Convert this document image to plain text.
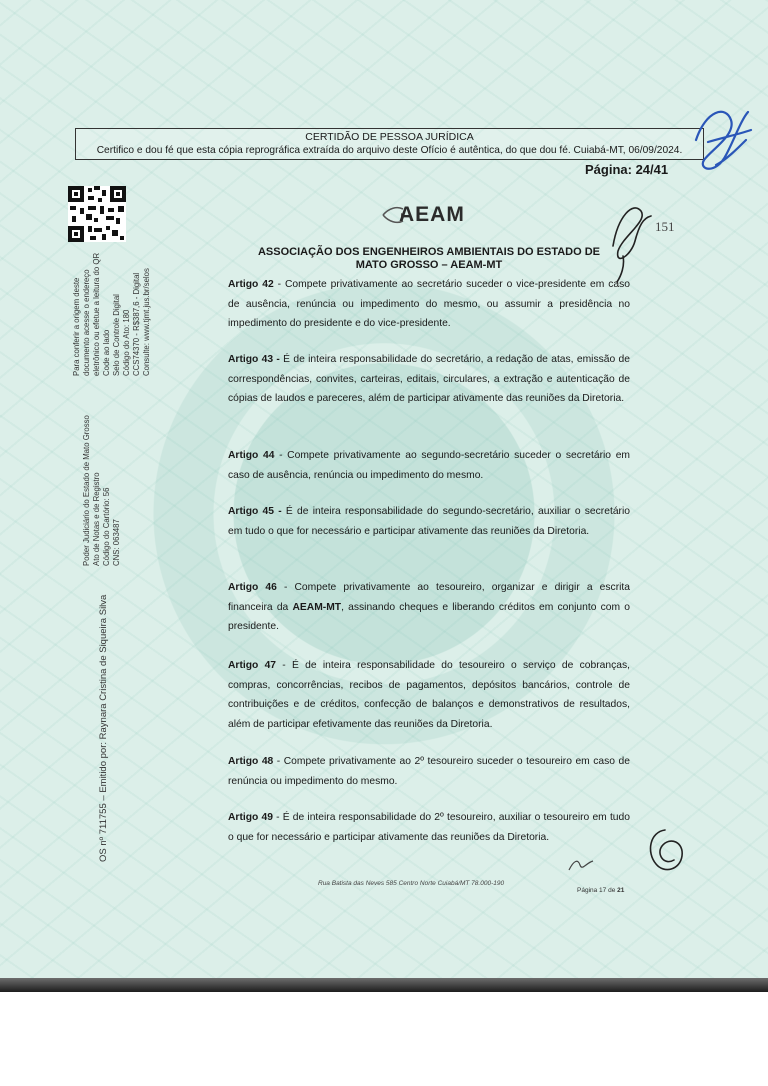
CERTIDÃO DE PESSOA JURÍDICA
Certifico e dou fé que esta cópia reprográfica extraída do arquivo deste Ofício é autêntica, do que dou fé. Cuiabá-MT, 06/09/2024.
Página: 24/41
Para conferir a origem deste documento acesse o endereço eletrônico ou efetue a leitura do QR Code ao lado Selo de Controle Digital Código do Ato: 180 CCS74370 - R$387,6 - Digital Consulte: www.tjmt.jus.br/selos
Poder Judiciário do Estado de Mato Grosso Ato de Notas e de Registro Código do Cartório: 56 CNS: 063487
OS nº 711755 – Emitido por: Raynara Cristina de Siqueira Silva
AEAM
151
ASSOCIAÇÃO DOS ENGENHEIROS AMBIENTAIS DO ESTADO DE
MATO GROSSO – AEAM-MT
Artigo 42 - Compete privativamente ao secretário suceder o vice-presidente em caso de ausência, renúncia ou impedimento do mesmo, ou assumir a presidência no impedimento do presidente e do vice-presidente.
Artigo 43 - É de inteira responsabilidade do secretário, a redação de atas, emissão de correspondências, convites, carteiras, editais, circulares, a extração e autenticação de cópias de laudos e pareceres, além de participar ativamente das reuniões da Diretoria.
Artigo 44 - Compete privativamente ao segundo-secretário suceder o secretário em caso de ausência, renúncia ou impedimento do mesmo.
Artigo 45 - É de inteira responsabilidade do segundo-secretário, auxiliar o secretário em tudo o que for necessário e participar ativamente das reuniões da Diretoria.
Artigo 46 - Compete privativamente ao tesoureiro, organizar e dirigir a escrita financeira da AEAM-MT, assinando cheques e liberando créditos em conjunto com o presidente.
Artigo 47 - É de inteira responsabilidade do tesoureiro o serviço de cobranças, compras, concorrências, recibos de pagamentos, depósitos bancários, controle de contribuições e de créditos, confecção de balanços e demonstrativos de resultados, além de participar efetivamente das reuniões da Diretoria.
Artigo 48 - Compete privativamente ao 2º tesoureiro suceder o tesoureiro em caso de renúncia ou impedimento do mesmo.
Artigo 49 - É de inteira responsabilidade do 2º tesoureiro, auxiliar o tesoureiro em tudo o que for necessário e participar ativamente das reuniões da Diretoria.
Rua Batista das Neves 585 Centro Norte Cuiabá/MT 78.000-190
Página 17 de 21
